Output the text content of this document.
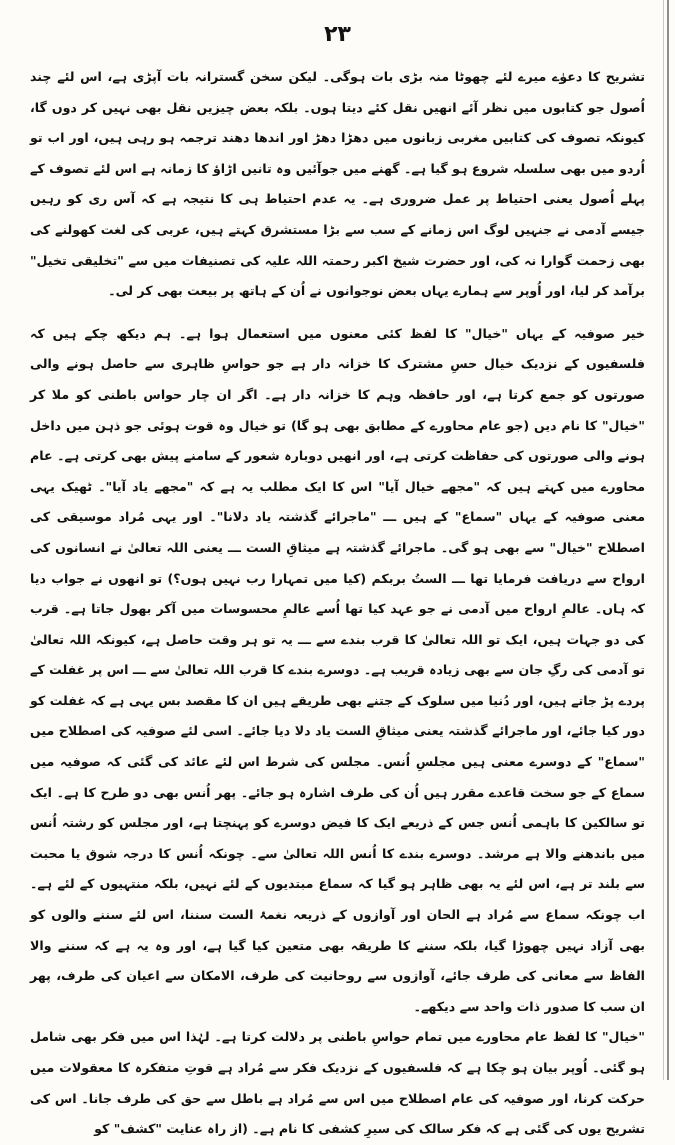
۲۳

تشریح کا دعوٰے میرے لئے چھوٹا منہ بڑی بات ہوگی۔ لیکن سخن گسترانہ بات آپڑی ہے، اس لئے چند اُصول جو کتابوں میں نظر آئے انھیں نقل کئے دیتا ہوں۔ بلکہ بعض چیزیں نقل بھی نہیں کر دوں گا، کیونکہ تصوف کی کتابیں مغربی زبانوں میں دھڑا دھڑ اور اندھا دھند ترجمہ ہو رہی ہیں، اور اب تو اُردو میں بھی سلسلہ شروع ہو گیا ہے۔ گھنے میں جوآئیں وہ تانیں اڑاؤ کا زمانہ ہے اس لئے تصوف کے پہلے اُصول یعنی احتیاط پر عمل ضروری ہے۔ یہ عدم احتیاط ہی کا نتیجہ ہے کہ آس ری کو رہیں جیسے آدمی نے جنہیں لوگ اس زمانے کے سب سے بڑا مستشرق کہتے ہیں، عربی کی لغت کھولنے کی بھی زحمت گوارا نہ کی، اور حضرت شیخ اکبر رحمتہ اللہ علیہ کی تصنیفات میں سے "تخلیقی تخیل" برآمد کر لیا، اور اُوپر سے ہمارے یہاں بعض نوجوانوں نے اُن کے ہاتھ پر بیعت بھی کر لی۔

خیر صوفیہ کے یہاں "خیال" کا لفظ کئی معنوں میں استعمال ہوا ہے۔ ہم دیکھ چکے ہیں کہ فلسفیوں کے نزدیک خیال حسِ مشترک کا خزانہ دار ہے جو حواسِ ظاہری سے حاصل ہونے والی صورتوں کو جمع کرتا ہے، اور حافظہ وہم کا خزانہ دار ہے۔ اگر ان چار حواس باطنی کو ملا کر "خیال" کا نام دیں (جو عام محاورے کے مطابق بھی ہو گا) تو خیال وہ قوت ہوئی جو ذہن میں داخل ہونے والی صورتوں کی حفاظت کرتی ہے، اور انھیں دوبارہ شعور کے سامنے پیش بھی کرتی ہے۔ عام محاورے میں کہتے ہیں کہ "مجھے خیال آیا" اس کا ایک مطلب یہ ہے کہ "مجھے یاد آیا"۔ ٹھیک یہی معنی صوفیہ کے یہاں "سماع" کے ہیں ـــ "ماجرائے گذشتہ یاد دلانا"۔ اور یہی مُراد موسیقی کی اصطلاح "خیال" سے بھی ہو گی۔ ماجرائے گذشتہ ہے میثاقِ الست ـــ یعنی اللہ تعالیٰ نے انسانوں کی ارواح سے دریافت فرمایا تھا ـــ الستُ بربکم (کیا میں تمہارا رب نہیں ہوں؟) تو انھوں نے جواب دیا کہ ہاں۔ عالمِ ارواح میں آدمی نے جو عہد کیا تھا اُسے عالمِ محسوسات میں آکر بھول جاتا ہے۔ قرب کی دو جہات ہیں، ایک تو اللہ تعالیٰ کا قرب بندے سے ـــ یہ تو ہر وقت حاصل ہے، کیونکہ اللہ تعالیٰ تو آدمی کی رگِ جان سے بھی زیادہ قریب ہے۔ دوسرے بندے کا قرب اللہ تعالیٰ سے ـــ اس پر غفلت کے پردے پڑ جاتے ہیں، اور دُنیا میں سلوک کے جتنے بھی طریقے ہیں ان کا مقصد بس یہی ہے کہ غفلت کو دور کیا جائے، اور ماجرائے گذشتہ یعنی میثاقِ الست یاد دلا دیا جائے۔ اسی لئے صوفیہ کی اصطلاح میں "سماع" کے دوسرے معنی ہیں مجلسِ اُنس۔ مجلس کی شرط اس لئے عائد کی گئی کہ صوفیہ میں سماع کے جو سخت قاعدے مقرر ہیں اُن کی طرف اشارہ ہو جائے۔ پھر اُنس بھی دو طرح کا ہے۔ ایک تو سالکین کا باہمی اُنس جس کے ذریعے ایک کا فیض دوسرے کو پہنچتا ہے، اور مجلس کو رشتہ اُنس میں باندھنے والا ہے مرشد۔ دوسرے بندے کا اُنس اللہ تعالیٰ سے۔ چونکہ اُنس کا درجہ شوق یا محبت سے بلند تر ہے، اس لئے یہ بھی ظاہر ہو گیا کہ سماع مبتدیوں کے لئے نہیں، بلکہ منتہیوں کے لئے ہے۔ اب چونکہ سماع سے مُراد ہے الحان اور آوازوں کے ذریعہ نغمۂ الست سننا، اس لئے سننے والوں کو بھی آزاد نہیں چھوڑا گیا، بلکہ سننے کا طریقہ بھی متعین کیا گیا ہے، اور وہ یہ ہے کہ سننے والا الفاظ سے معانی کی طرف جائے، آوازوں سے روحانیت کی طرف، الامکان سے اعیان کی طرف، پھر ان سب کا صدور ذات واحد سے دیکھے۔

"خیال" کا لفظ عام محاورے میں تمام حواسِ باطنی پر دلالت کرتا ہے۔ لہٰذا اس میں فکر بھی شامل ہو گئی۔ اُوپر بیان ہو چکا ہے کہ فلسفیوں کے نزدیک فکر سے مُراد ہے قوتِ متفکرہ کا معقولات میں حرکت کرنا، اور صوفیہ کی عام اصطلاح میں اس سے مُراد ہے باطل سے حق کی طرف جانا۔ اس کی تشریح یوں کی گئی ہے کہ فکر سالک کی سیرِ کشفی کا نام ہے۔ (از راہ عنایت "کشف" کو
